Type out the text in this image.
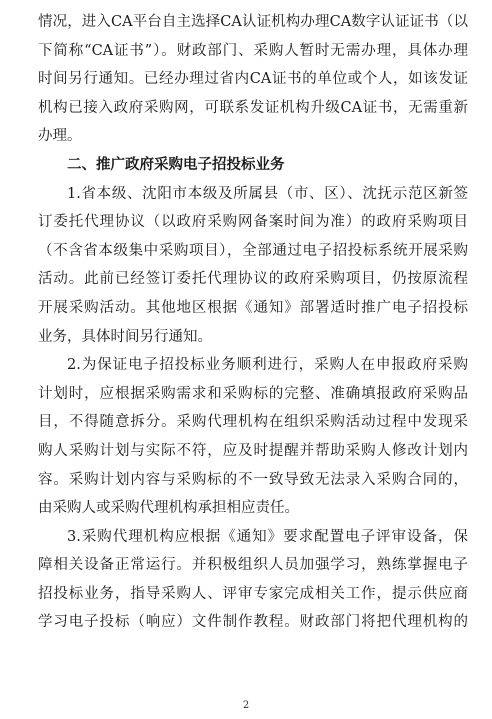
情况，进入CA平台自主选择CA认证机构办理CA数字认证证书（以
下简称“CA证书”）。财政部门、采购人暂时无需办理，具体办理
时间另行通知。已经办理过省内CA证书的单位或个人，如该发证
机构已接入政府采购网，可联系发证机构升级CA证书，无需重新
办理。
二、推广政府采购电子招投标业务
1.省本级、沈阳市本级及所属县（市、区）、沈抚示范区新签
订委托代理协议（以政府采购网备案时间为准）的政府采购项目
（不含省本级集中采购项目），全部通过电子招投标系统开展采购
活动。此前已经签订委托代理协议的政府采购项目，仍按原流程
开展采购活动。其他地区根据《通知》部署适时推广电子招投标
业务，具体时间另行通知。
2.为保证电子招投标业务顺利进行，采购人在申报政府采购
计划时，应根据采购需求和采购标的完整、准确填报政府采购品
目，不得随意拆分。采购代理机构在组织采购活动过程中发现采
购人采购计划与实际不符，应及时提醒并帮助采购人修改计划内
容。采购计划内容与采购标的不一致导致无法录入采购合同的，
由采购人或采购代理机构承担相应责任。
3.采购代理机构应根据《通知》要求配置电子评审设备，保
障相关设备正常运行。并积极组织人员加强学习，熟练掌握电子
招投标业务，指导采购人、评审专家完成相关工作，提示供应商
学习电子投标（响应）文件制作教程。财政部门将把代理机构的
2
